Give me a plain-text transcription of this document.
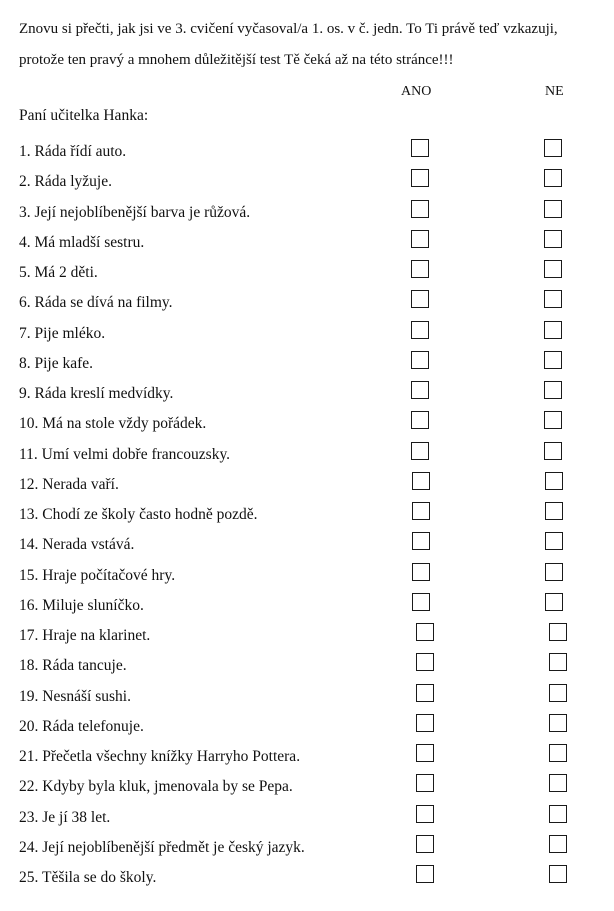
Znovu si přečti, jak jsi ve 3. cvičení vyčasoval/a 1. os. v č. jedn. To Ti právě teď vzkazuji, protože ten pravý a mnohem důležitější test Tě čeká až na této stránce!!!

ANO	NE

Paní učitelka Hanka:

1. Ráda řídí auto.
2. Ráda lyžuje.
3. Její nejoblíbenější barva je růžová.
4. Má mladší sestru.
5. Má 2 děti.
6. Ráda se dívá na filmy.
7. Pije mléko.
8. Pije kafe.
9. Ráda kreslí medvídky.
10. Má na stole vždy pořádek.
11. Umí velmi dobře francouzsky.
12. Nerada vaří.
13. Chodí ze školy často hodně pozdě.
14. Nerada vstává.
15. Hraje počítačové hry.
16. Miluje sluníčko.
17. Hraje na klarinet.
18. Ráda tancuje.
19. Nesnáší sushi.
20. Ráda telefonuje.
21. Přečetla všechny knížky Harryho Pottera.
22. Kdyby byla kluk, jmenovala by se Pepa.
23. Je jí 38 let.
24. Její nejoblíbenější předmět je český jazyk.
25. Těšila se do školy.
